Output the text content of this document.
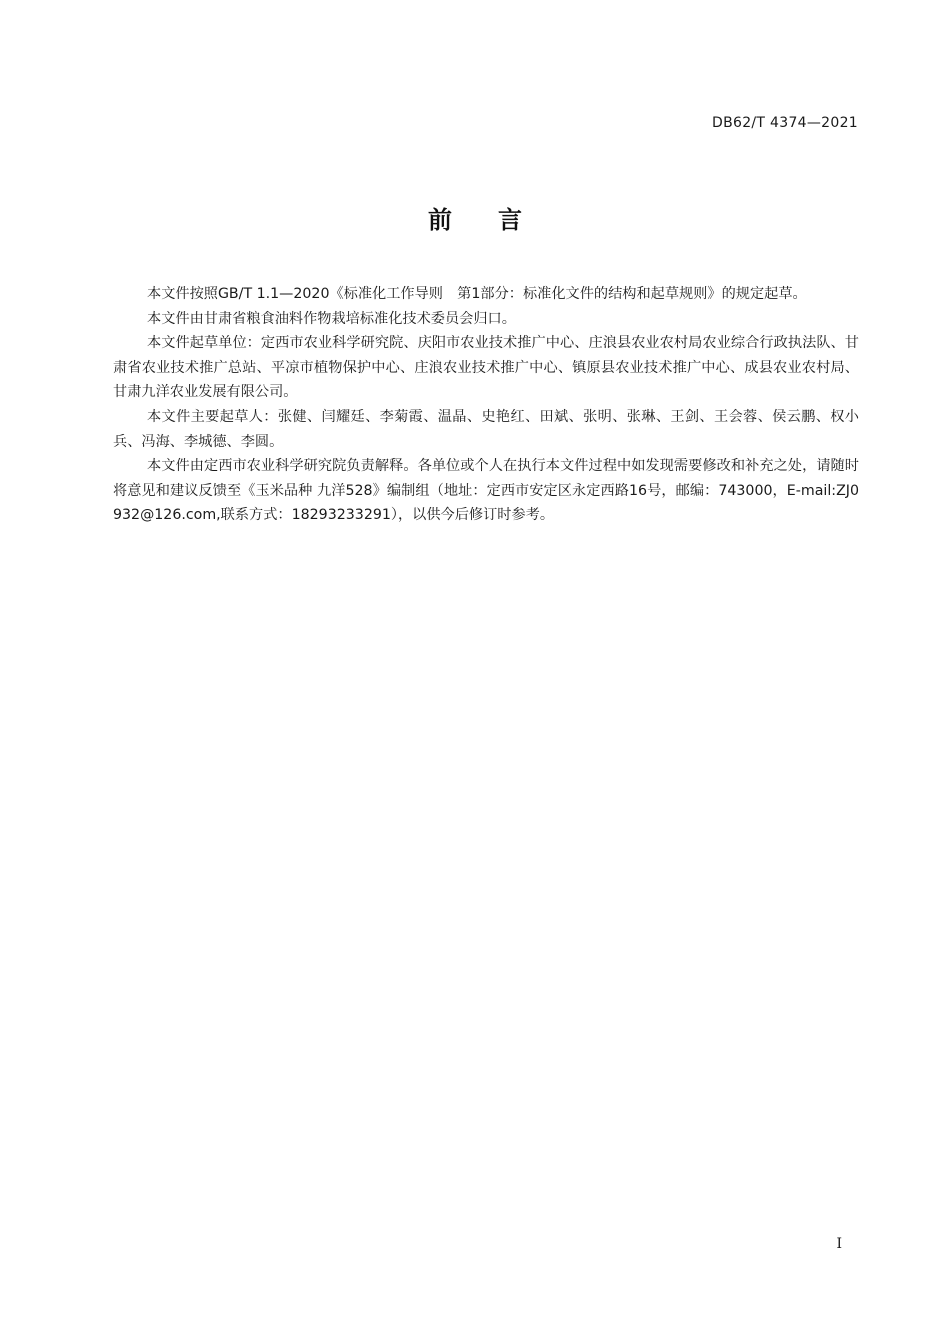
DB62/T 4374—2021
前言

本文件按照GB/T 1.1—2020《标准化工作导则　第1部分：标准化文件的结构和起草规则》的规定起草。

本文件由甘肃省粮食油料作物栽培标准化技术委员会归口。

本文件起草单位：定西市农业科学研究院、庆阳市农业技术推广中心、庄浪县农业农村局农业综合行政执法队、甘肃省农业技术推广总站、平凉市植物保护中心、庄浪农业技术推广中心、镇原县农业技术推广中心、成县农业农村局、甘肃九洋农业发展有限公司。

本文件主要起草人：张健、闫耀廷、李菊霞、温晶、史艳红、田斌、张明、张琳、王剑、王会蓉、侯云鹏、权小兵、冯海、李城德、李圆。

本文件由定西市农业科学研究院负责解释。各单位或个人在执行本文件过程中如发现需要修改和补充之处，请随时将意见和建议反馈至《玉米品种 九洋528》编制组（地址：定西市安定区永定西路16号，邮编：743000，E-mail:ZJ0932@126.com,联系方式：18293233291），以供今后修订时参考。

I
